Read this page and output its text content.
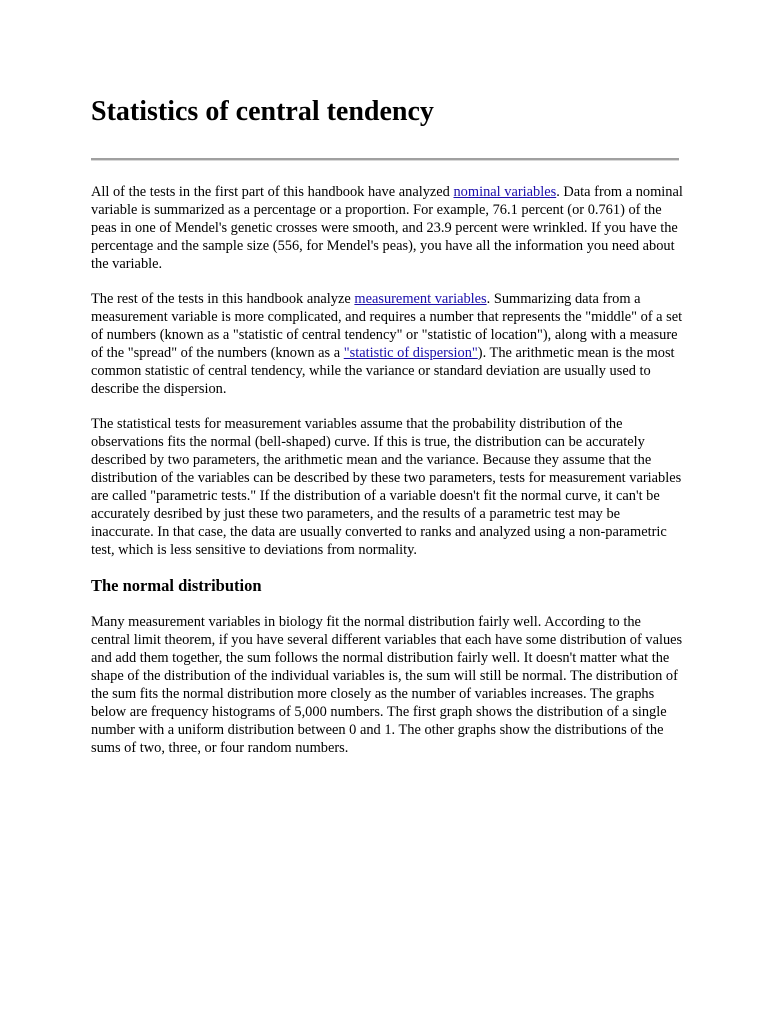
Statistics of central tendency

All of the tests in the first part of this handbook have analyzed nominal variables. Data from a nominal variable is summarized as a percentage or a proportion. For example, 76.1 percent (or 0.761) of the peas in one of Mendel's genetic crosses were smooth, and 23.9 percent were wrinkled. If you have the percentage and the sample size (556, for Mendel's peas), you have all the information you need about the variable.

The rest of the tests in this handbook analyze measurement variables. Summarizing data from a measurement variable is more complicated, and requires a number that represents the "middle" of a set of numbers (known as a "statistic of central tendency" or "statistic of location"), along with a measure of the "spread" of the numbers (known as a "statistic of dispersion"). The arithmetic mean is the most common statistic of central tendency, while the variance or standard deviation are usually used to describe the dispersion.

The statistical tests for measurement variables assume that the probability distribution of the observations fits the normal (bell-shaped) curve. If this is true, the distribution can be accurately described by two parameters, the arithmetic mean and the variance. Because they assume that the distribution of the variables can be described by these two parameters, tests for measurement variables are called "parametric tests." If the distribution of a variable doesn't fit the normal curve, it can't be accurately desribed by just these two parameters, and the results of a parametric test may be inaccurate. In that case, the data are usually converted to ranks and analyzed using a non-parametric test, which is less sensitive to deviations from normality.

The normal distribution

Many measurement variables in biology fit the normal distribution fairly well. According to the central limit theorem, if you have several different variables that each have some distribution of values and add them together, the sum follows the normal distribution fairly well. It doesn't matter what the shape of the distribution of the individual variables is, the sum will still be normal. The distribution of the sum fits the normal distribution more closely as the number of variables increases. The graphs below are frequency histograms of 5,000 numbers. The first graph shows the distribution of a single number with a uniform distribution between 0 and 1. The other graphs show the distributions of the sums of two, three, or four random numbers.
